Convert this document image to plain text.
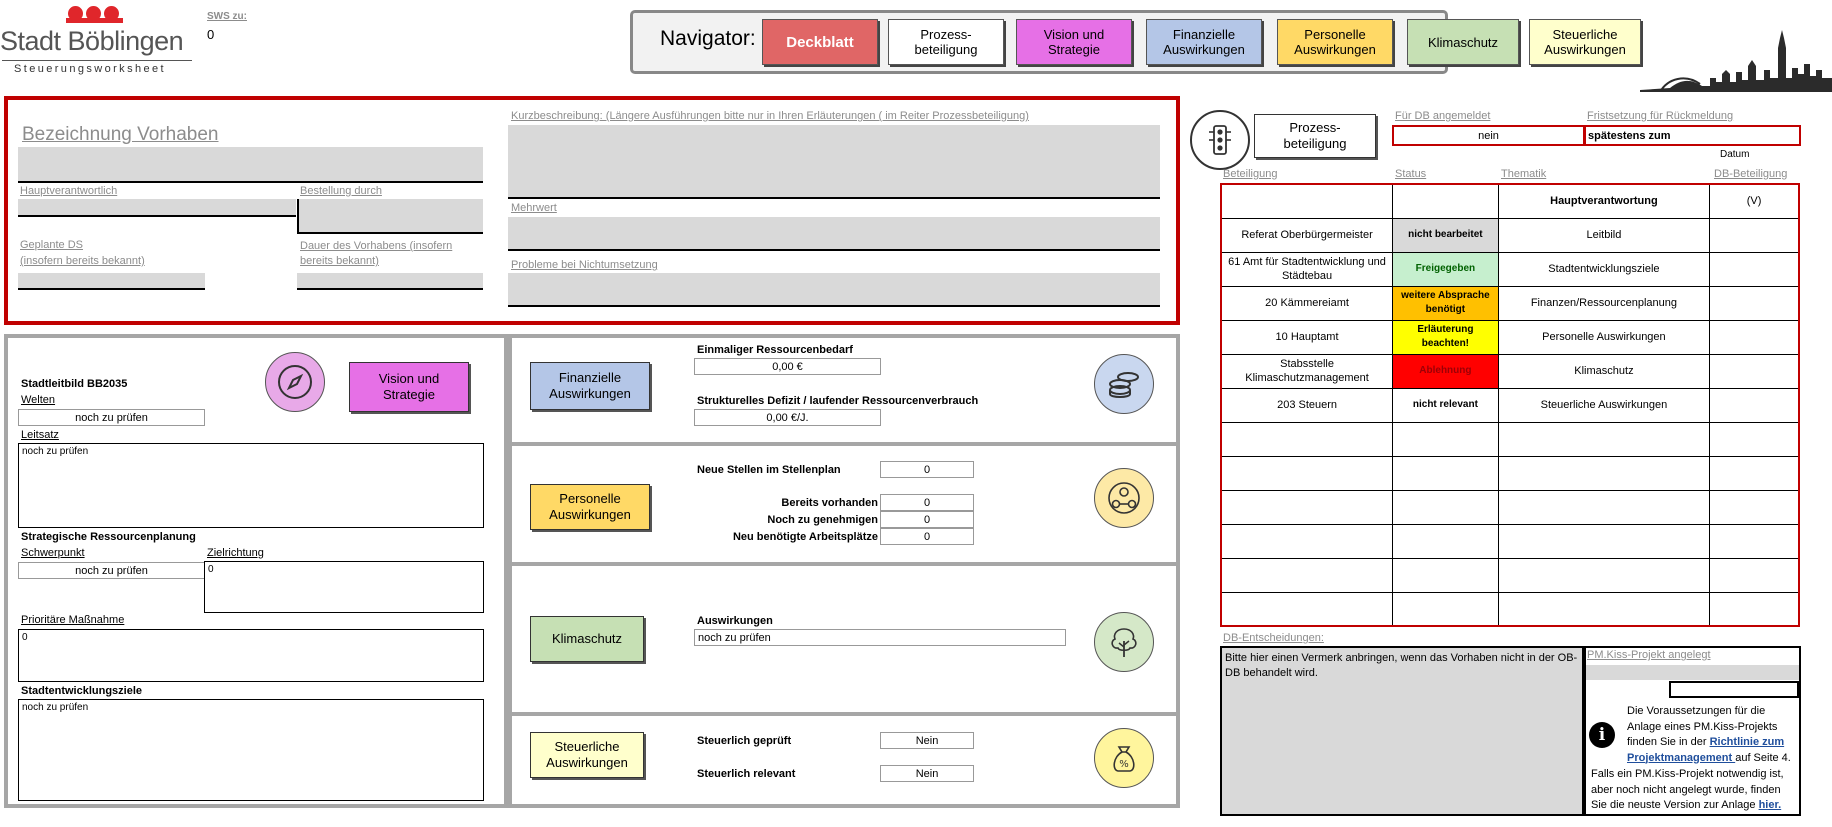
Stadt Böblingen
Steuerungsworksheet
SWS zu:
0	Navigator:	Deckblatt	Prozess-
beteiligung
Vision und
Strategie
Finanzielle
Auswirkungen
Personelle
Auswirkungen	Klimaschutz	Steuerliche
Auswirkungen
Bezeichnung Vorhaben
Hauptverantwortlich	Bestellung durch
Geplante DS
(insofern bereits bekannt)
Dauer des Vorhabens (insofern
bereits bekannt)
Kurzbeschreibung: (Längere Ausführungen bitte nur in Ihren Erläuterungen ( im Reiter Prozessbeteiligung)
Mehrwert
Probleme bei Nichtumsetzung
Stadtleitbild BB2035	Vision und
Strategie
Welten
noch zu prüfen
Leitsatz
noch zu prüfen
Strategische Ressourcenplanung
Schwerpunkt
noch zu prüfen
Zielrichtung
0
Prioritäre Maßnahme
0
Stadtentwicklungsziele
noch zu prüfen
Finanzielle
Auswirkungen
Einmaliger Ressourcenbedarf
0,00 €
Strukturelles Defizit / laufender Ressourcenverbrauch
0,00 €/J.
Personelle
Auswirkungen
Neue Stellen im Stellenplan	0
Bereits vorhanden	0
Noch zu genehmigen	0
Neu benötigte Arbeitsplätze	0
Klimaschutz
Auswirkungen
noch zu prüfen
Steuerliche
Auswirkungen
Steuerlich geprüft	Nein
Steuerlich relevant	Nein
%
Prozess-
beteiligung
Für DB angemeldet
nein
Fristsetzung für Rückmeldung
spätestens zum
Datum
Beteiligung	Status	Thematik	DB-Beteiligung
		Hauptverantwortung	(V)
Referat Oberbürgermeister	nicht bearbeitet	Leitbild	
61 Amt für Stadtentwicklung und Städtebau	Freigegeben	Stadtentwicklungsziele	
20 Kämmereiamt	weitere Absprache benötigt	Finanzen/Ressourcenplanung	
10 Hauptamt	Erläuterung beachten!	Personelle Auswirkungen	
Stabsstelle Klimaschutzmanagement	Ablehnung	Klimaschutz	
203 Steuern	nicht relevant	Steuerliche Auswirkungen	

DB-Entscheidungen:
Bitte hier einen Vermerk anbringen, wenn das Vorhaben nicht in der OB-DB behandelt wird.
PM.Kiss-Projekt angelegt
i
Die Voraussetzungen für die Anlage eines PM.Kiss-Projekts finden Sie in der Richtlinie zum Projektmanagement auf Seite 4.
Falls ein PM.Kiss-Projekt notwendig ist, aber noch nicht angelegt wurde, finden Sie die neuste Version zur Anlage hier.
